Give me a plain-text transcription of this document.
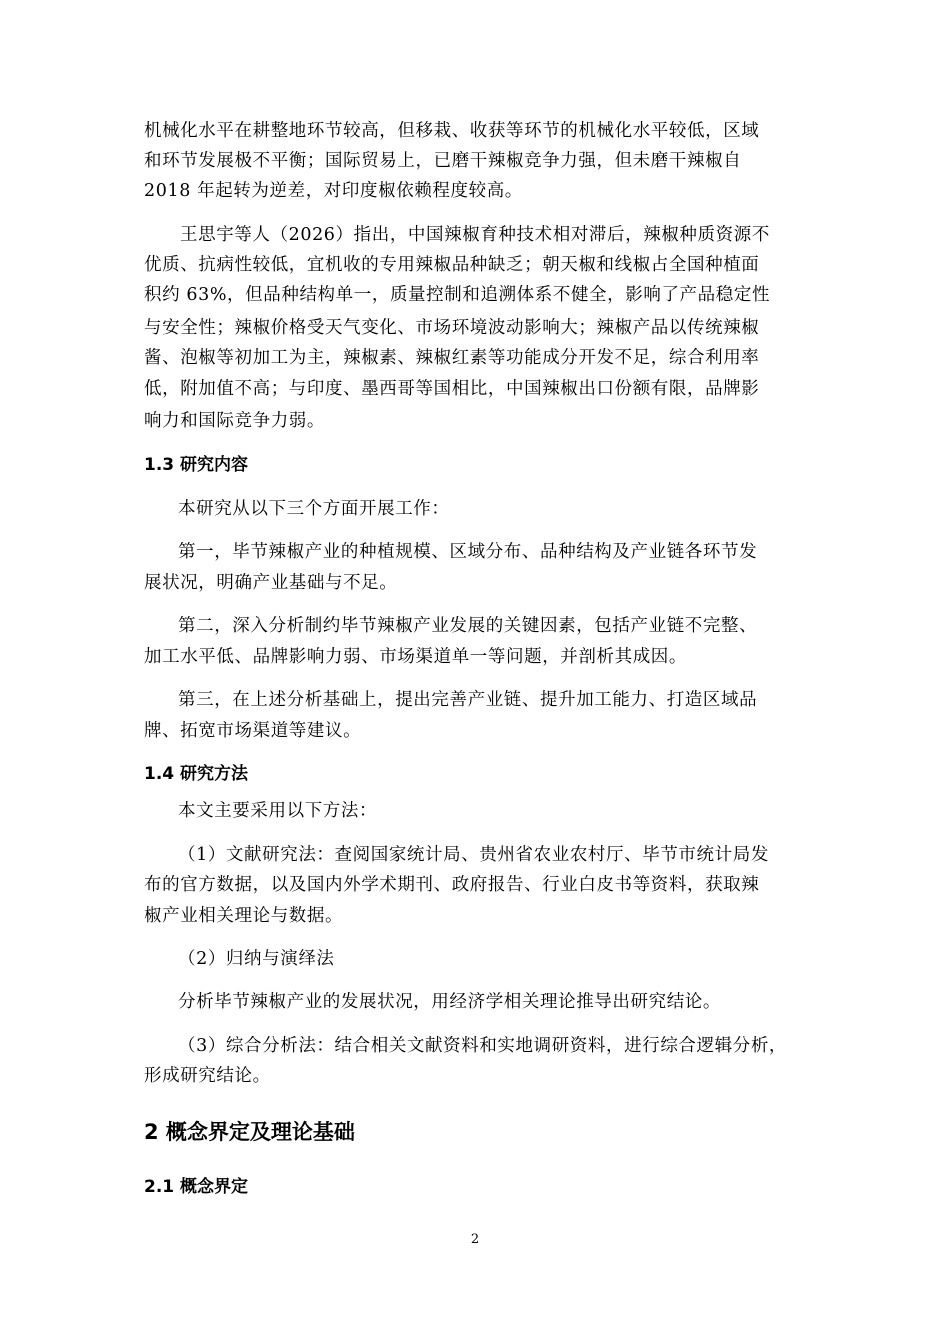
机械化水平在耕整地环节较高，但移栽、收获等环节的机械化水平较低，区域
和环节发展极不平衡；国际贸易上，已磨干辣椒竞争力强，但未磨干辣椒自
2018 年起转为逆差，对印度椒依赖程度较高。
王思宇等人（2026）指出，中国辣椒育种技术相对滞后，辣椒种质资源不
优质、抗病性较低，宜机收的专用辣椒品种缺乏；朝天椒和线椒占全国种植面
积约 63%，但品种结构单一，质量控制和追溯体系不健全，影响了产品稳定性
与安全性；辣椒价格受天气变化、市场环境波动影响大；辣椒产品以传统辣椒
酱、泡椒等初加工为主，辣椒素、辣椒红素等功能成分开发不足，综合利用率
低，附加值不高；与印度、墨西哥等国相比，中国辣椒出口份额有限，品牌影
响力和国际竞争力弱。
1.3 研究内容
本研究从以下三个方面开展工作：
第一，毕节辣椒产业的种植规模、区域分布、品种结构及产业链各环节发
展状况，明确产业基础与不足。
第二，深入分析制约毕节辣椒产业发展的关键因素，包括产业链不完整、
加工水平低、品牌影响力弱、市场渠道单一等问题，并剖析其成因。
第三，在上述分析基础上，提出完善产业链、提升加工能力、打造区域品
牌、拓宽市场渠道等建议。
1.4 研究方法
本文主要采用以下方法：
（1）文献研究法：查阅国家统计局、贵州省农业农村厅、毕节市统计局发
布的官方数据，以及国内外学术期刊、政府报告、行业白皮书等资料，获取辣
椒产业相关理论与数据。
（2）归纳与演绎法
分析毕节辣椒产业的发展状况，用经济学相关理论推导出研究结论。
（3）综合分析法：结合相关文献资料和实地调研资料，进行综合逻辑分析，
形成研究结论。
2 概念界定及理论基础
2.1 概念界定
2
